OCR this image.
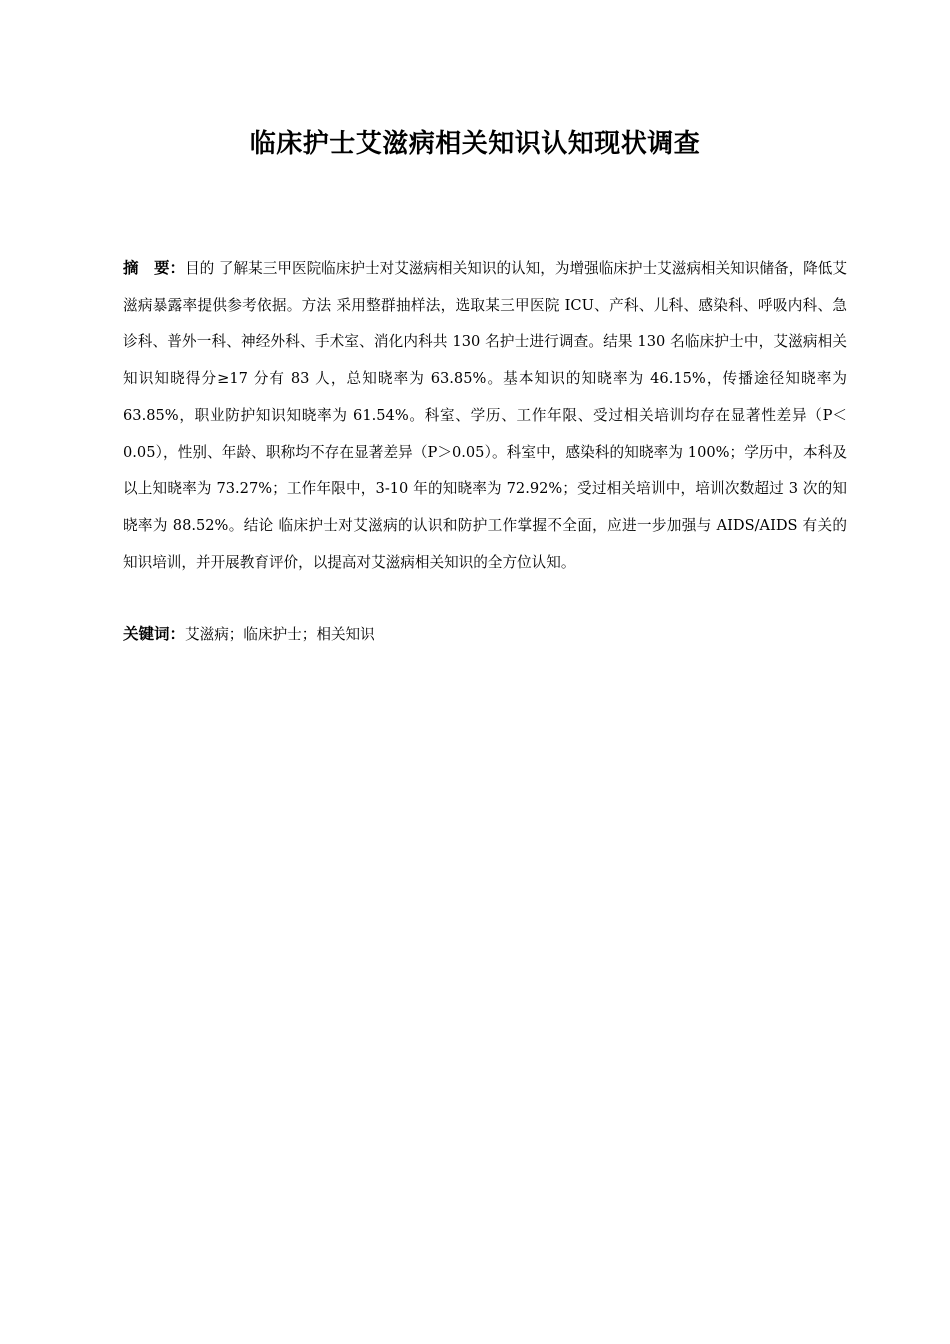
临床护士艾滋病相关知识认知现状调查

摘　要：目的 了解某三甲医院临床护士对艾滋病相关知识的认知，为增强临床护士艾滋病相关知识储备，降低艾滋病暴露率提供参考依据。方法 采用整群抽样法，选取某三甲医院 ICU、产科、儿科、感染科、呼吸内科、急诊科、普外一科、神经外科、手术室、消化内科共 130 名护士进行调查。结果 130 名临床护士中，艾滋病相关知识知晓得分≥17 分有 83 人，总知晓率为 63.85%。基本知识的知晓率为 46.15%，传播途径知晓率为 63.85%，职业防护知识知晓率为 61.54%。科室、学历、工作年限、受过相关培训均存在显著性差异（P＜0.05），性别、年龄、职称均不存在显著差异（P＞0.05）。科室中，感染科的知晓率为 100%；学历中，本科及以上知晓率为 73.27%；工作年限中，3-10 年的知晓率为 72.92%；受过相关培训中，培训次数超过 3 次的知晓率为 88.52%。结论 临床护士对艾滋病的认识和防护工作掌握不全面，应进一步加强与 AIDS/AIDS 有关的知识培训，并开展教育评价，以提高对艾滋病相关知识的全方位认知。

关键词：艾滋病；临床护士；相关知识
